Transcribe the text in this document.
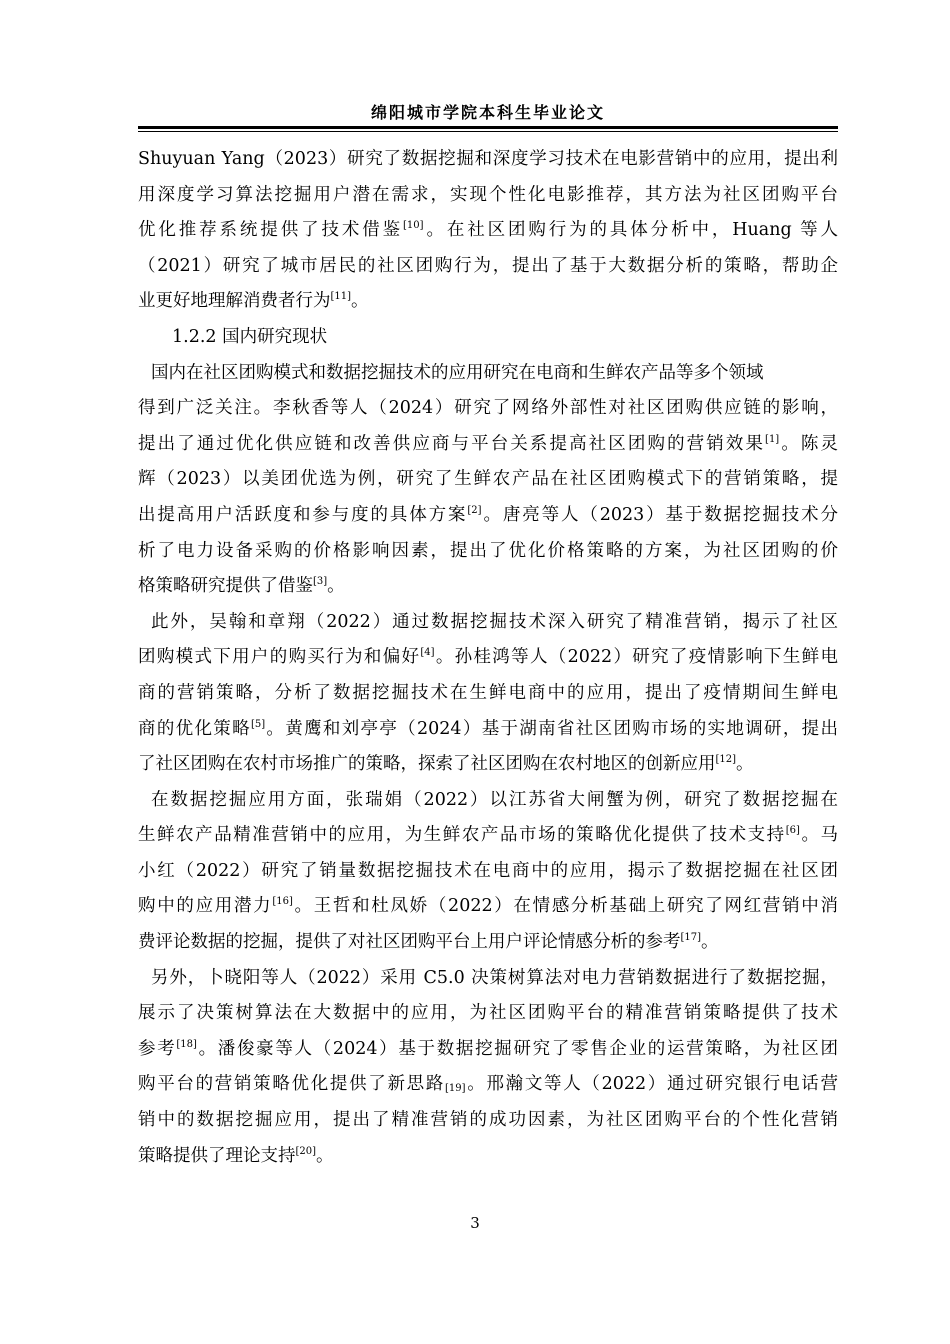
绵阳城市学院本科生毕业论文
Shuyuan Yang（2023）研究了数据挖掘和深度学习技术在电影营销中的应用，提出利
用深度学习算法挖掘用户潜在需求，实现个性化电影推荐，其方法为社区团购平台
优化推荐系统提供了技术借鉴[10]。在社区团购行为的具体分析中，Huang 等人
（2021）研究了城市居民的社区团购行为，提出了基于大数据分析的策略，帮助企
业更好地理解消费者行为[11]。
1.2.2 国内研究现状
国内在社区团购模式和数据挖掘技术的应用研究在电商和生鲜农产品等多个领域
得到广泛关注。李秋香等人（2024）研究了网络外部性对社区团购供应链的影响，
提出了通过优化供应链和改善供应商与平台关系提高社区团购的营销效果[1]。陈灵
辉（2023）以美团优选为例，研究了生鲜农产品在社区团购模式下的营销策略，提
出提高用户活跃度和参与度的具体方案[2]。唐亮等人（2023）基于数据挖掘技术分
析了电力设备采购的价格影响因素，提出了优化价格策略的方案，为社区团购的价
格策略研究提供了借鉴[3]。
此外，吴翰和章翔（2022）通过数据挖掘技术深入研究了精准营销，揭示了社区
团购模式下用户的购买行为和偏好[4]。孙桂鸿等人（2022）研究了疫情影响下生鲜电
商的营销策略，分析了数据挖掘技术在生鲜电商中的应用，提出了疫情期间生鲜电
商的优化策略[5]。黄鹰和刘亭亭（2024）基于湖南省社区团购市场的实地调研，提出
了社区团购在农村市场推广的策略，探索了社区团购在农村地区的创新应用[12]。
在数据挖掘应用方面，张瑞娟（2022）以江苏省大闸蟹为例，研究了数据挖掘在
生鲜农产品精准营销中的应用，为生鲜农产品市场的策略优化提供了技术支持[6]。马
小红（2022）研究了销量数据挖掘技术在电商中的应用，揭示了数据挖掘在社区团
购中的应用潜力[16]。王哲和杜凤娇（2022）在情感分析基础上研究了网红营销中消
费评论数据的挖掘，提供了对社区团购平台上用户评论情感分析的参考[17]。
另外，卜晓阳等人（2022）采用 C5.0 决策树算法对电力营销数据进行了数据挖掘，
展示了决策树算法在大数据中的应用，为社区团购平台的精准营销策略提供了技术
参考[18]。潘俊豪等人（2024）基于数据挖掘研究了零售企业的运营策略，为社区团
购平台的营销策略优化提供了新思路[19]。邢瀚文等人（2022）通过研究银行电话营
销中的数据挖掘应用，提出了精准营销的成功因素，为社区团购平台的个性化营销
策略提供了理论支持[20]。
3
